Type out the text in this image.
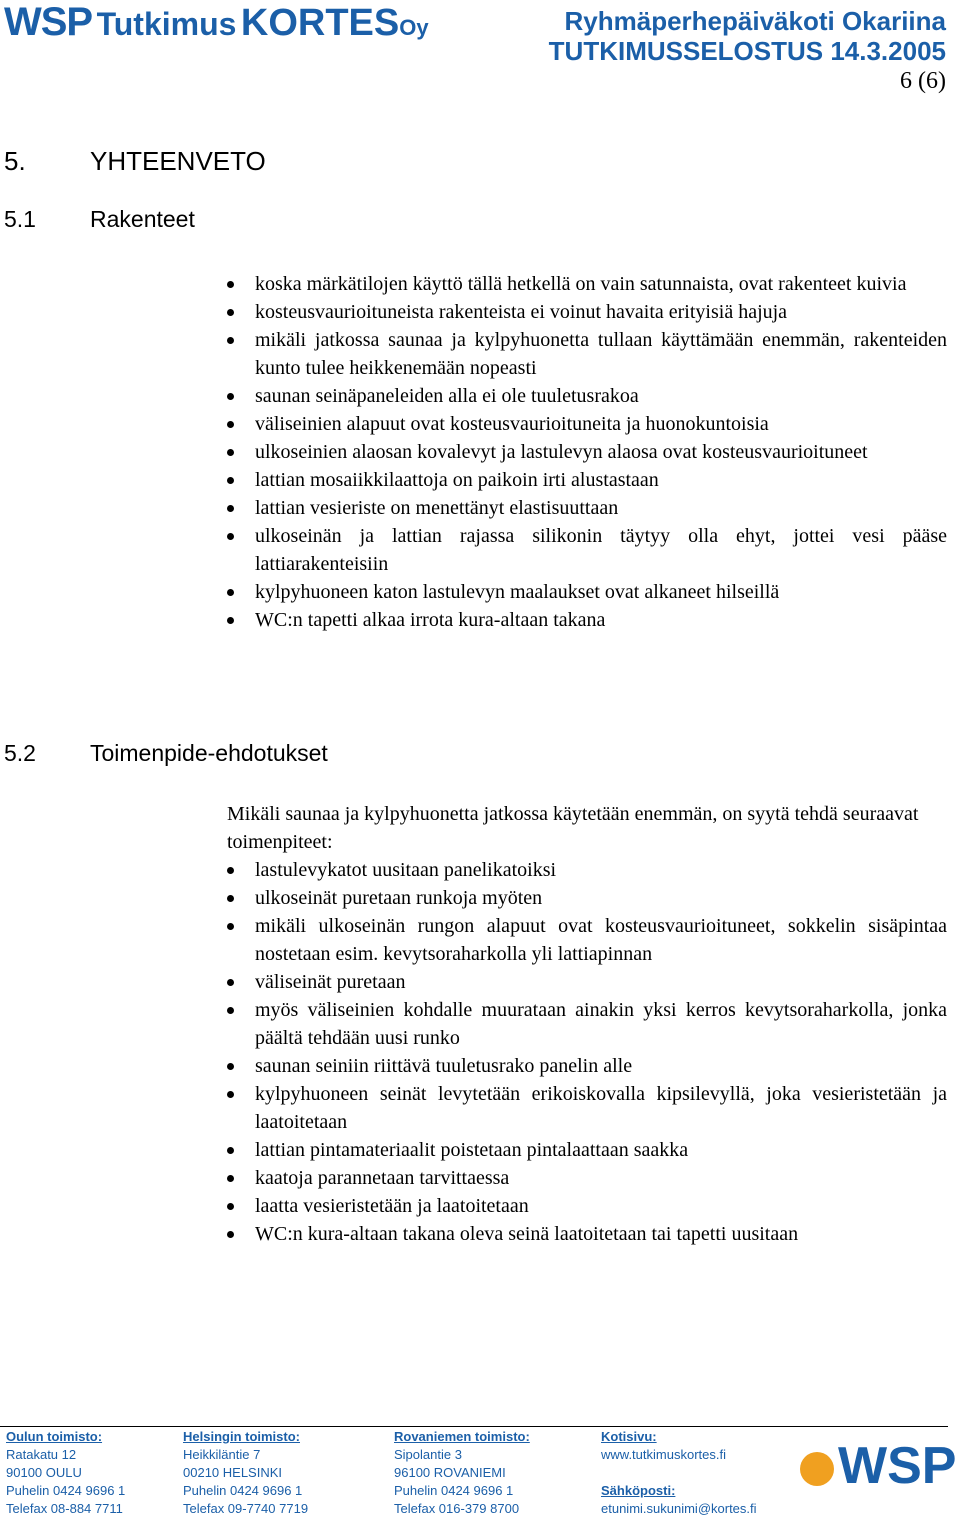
WSP Tutkimus KORTESOy	Ryhmäperhepäiväkoti Okariina
TUTKIMUSSELOSTUS 14.3.2005
6 (6)
5. YHTEENVETO
5.1 Rakenteet
koska märkätilojen käyttö tällä hetkellä on vain satunnaista, ovat rakenteet kuivia
kosteusvaurioituneista rakenteista ei voinut havaita erityisiä hajuja
mikäli jatkossa saunaa ja kylpyhuonetta tullaan käyttämään enemmän, rakenteiden kunto tulee heikkenemään nopeasti
saunan seinäpaneleiden alla ei ole tuuletusrakoa
väliseinien alapuut ovat kosteusvaurioituneita ja huonokuntoisia
ulkoseinien alaosan kovalevyt ja lastulevyn alaosa ovat kosteusvaurioituneet
lattian mosaiikkilaattoja on paikoin irti alustastaan
lattian vesieriste on menettänyt elastisuuttaan
ulkoseinän ja lattian rajassa silikonin täytyy olla ehyt, jottei vesi pääse lattiarakenteisiin
kylpyhuoneen katon lastulevyn maalaukset ovat alkaneet hilseillä
WC:n tapetti alkaa irrota kura-altaan takana
5.2 Toimenpide-ehdotukset
Mikäli saunaa ja kylpyhuonetta jatkossa käytetään enemmän, on syytä tehdä seuraavat toimenpiteet:
lastulevykatot uusitaan panelikatoiksi
ulkoseinät puretaan runkoja myöten
mikäli ulkoseinän rungon alapuut ovat kosteusvaurioituneet, sokkelin sisäpintaa nostetaan esim. kevytsoraharkolla yli lattiapinnan
väliseinät puretaan
myös väliseinien kohdalle muurataan ainakin yksi kerros kevytsoraharkolla, jonka päältä tehdään uusi runko
saunan seiniin riittävä tuuletusrako panelin alle
kylpyhuoneen seinät levytetään erikoiskovalla kipsilevyllä, joka vesieristetään ja laatoitetaan
lattian pintamateriaalit poistetaan pintalaattaan saakka
kaatoja parannetaan tarvittaessa
laatta vesieristetään ja laatoitetaan
WC:n kura-altaan takana oleva seinä laatoitetaan tai tapetti uusitaan
Oulun toimisto:
Ratakatu 12
90100 OULU
Puhelin 0424 9696 1
Telefax 08-884 7711
Helsingin toimisto:
Heikkiläntie 7
00210 HELSINKI
Puhelin 0424 9696 1
Telefax 09-7740 7719
Rovaniemen toimisto:
Sipolantie 3
96100 ROVANIEMI
Puhelin 0424 9696 1
Telefax 016-379 8700
Kotisivu:
www.tutkimuskortes.fi
Sähköposti:
etunimi.sukunimi@kortes.fi
WSP
